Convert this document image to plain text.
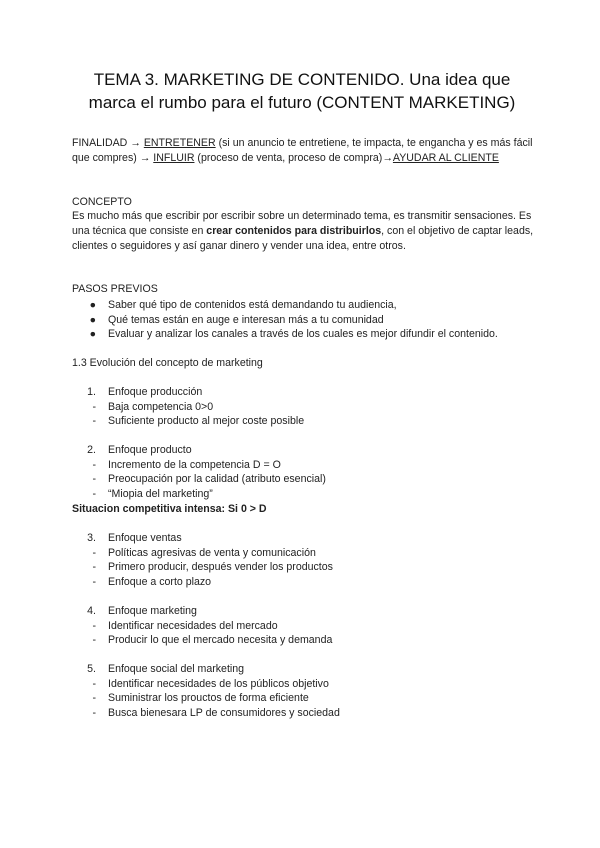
TEMA 3. MARKETING DE CONTENIDO. Una idea que
marca el rumbo para el futuro (CONTENT MARKETING)
FINALIDAD → ENTRETENER (si un anuncio te entretiene, te impacta, te engancha y es más fácil que compres) → INFLUIR (proceso de venta, proceso de compra)→AYUDAR AL CLIENTE
CONCEPTO
Es mucho más que escribir por escribir sobre un determinado tema, es transmitir sensaciones. Es una técnica que consiste en crear contenidos para distribuirlos, con el objetivo de captar leads, clientes o seguidores y así ganar dinero y vender una idea, entre otros.
PASOS PREVIOS
● Saber qué tipo de contenidos está demandando tu audiencia,
● Qué temas están en auge e interesan más a tu comunidad
● Evaluar y analizar los canales a través de los cuales es mejor difundir el contenido.
1.3 Evolución del concepto de marketing
1. Enfoque producción
- Baja competencia 0>0
- Suficiente producto al mejor coste posible
2. Enfoque producto
- Incremento de la competencia D = O
- Preocupación por la calidad (atributo esencial)
- “Miopia del marketing”
3. Enfoque ventas
- Políticas agresivas de venta y comunicación
- Primero producir, después vender los productos
- Enfoque a corto plazo
4. Enfoque marketing
- Identificar necesidades del mercado
- Producir lo que el mercado necesita y demanda
5. Enfoque social del marketing
- Identificar necesidades de los públicos objetivo
- Suministrar los prouctos de forma eficiente
- Busca bienesara LP de consumidores y sociedad
Situacion competitiva intensa: Si 0 > D
